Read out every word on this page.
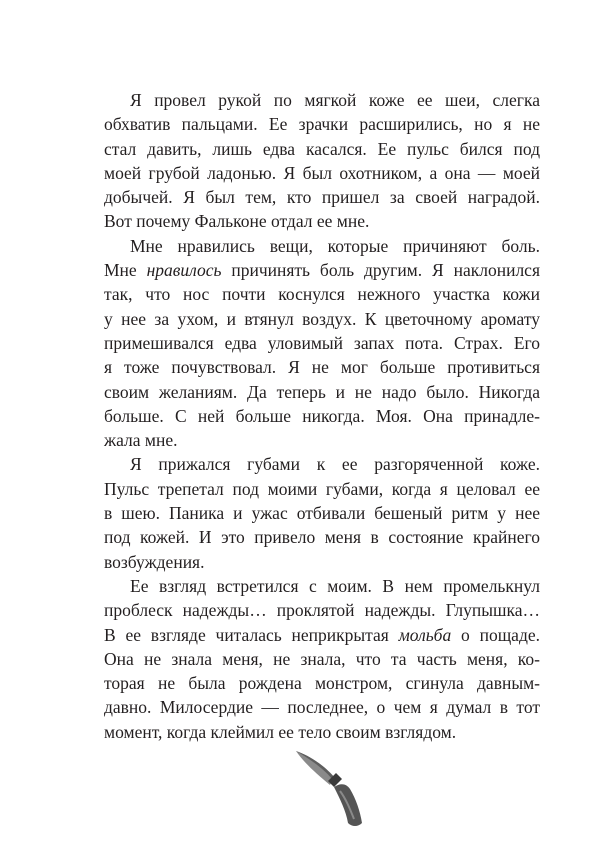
Я провел рукой по мягкой коже ее шеи, слегка
обхватив пальцами. Ее зрачки расширились, но я не
стал давить, лишь едва касался. Ее пульс бился под
моей грубой ладонью. Я был охотником, а она — моей
добычей. Я был тем, кто пришел за своей наградой.
Вот почему Фальконе отдал ее мне.
Мне нравились вещи, которые причиняют боль.
Мне нравилось причинять боль другим. Я наклонился
так, что нос почти коснулся нежного участка кожи
у нее за ухом, и втянул воздух. К цветочному аромату
примешивался едва уловимый запах пота. Страх. Его
я тоже почувствовал. Я не мог больше противиться
своим желаниям. Да теперь и не надо было. Никогда
больше. С ней больше никогда. Моя. Она принадле-
жала мне.
Я прижался губами к ее разгоряченной коже.
Пульс трепетал под моими губами, когда я целовал ее
в шею. Паника и ужас отбивали бешеный ритм у нее
под кожей. И это привело меня в состояние крайнего
возбуждения.
Ее взгляд встретился с моим. В нем промелькнул
проблеск надежды… проклятой надежды. Глупышка…
В ее взгляде читалась неприкрытая мольба о пощаде.
Она не знала меня, не знала, что та часть меня, ко-
торая не была рождена монстром, сгинула давным-
давно. Милосердие — последнее, о чем я думал в тот
момент, когда клеймил ее тело своим взглядом.
